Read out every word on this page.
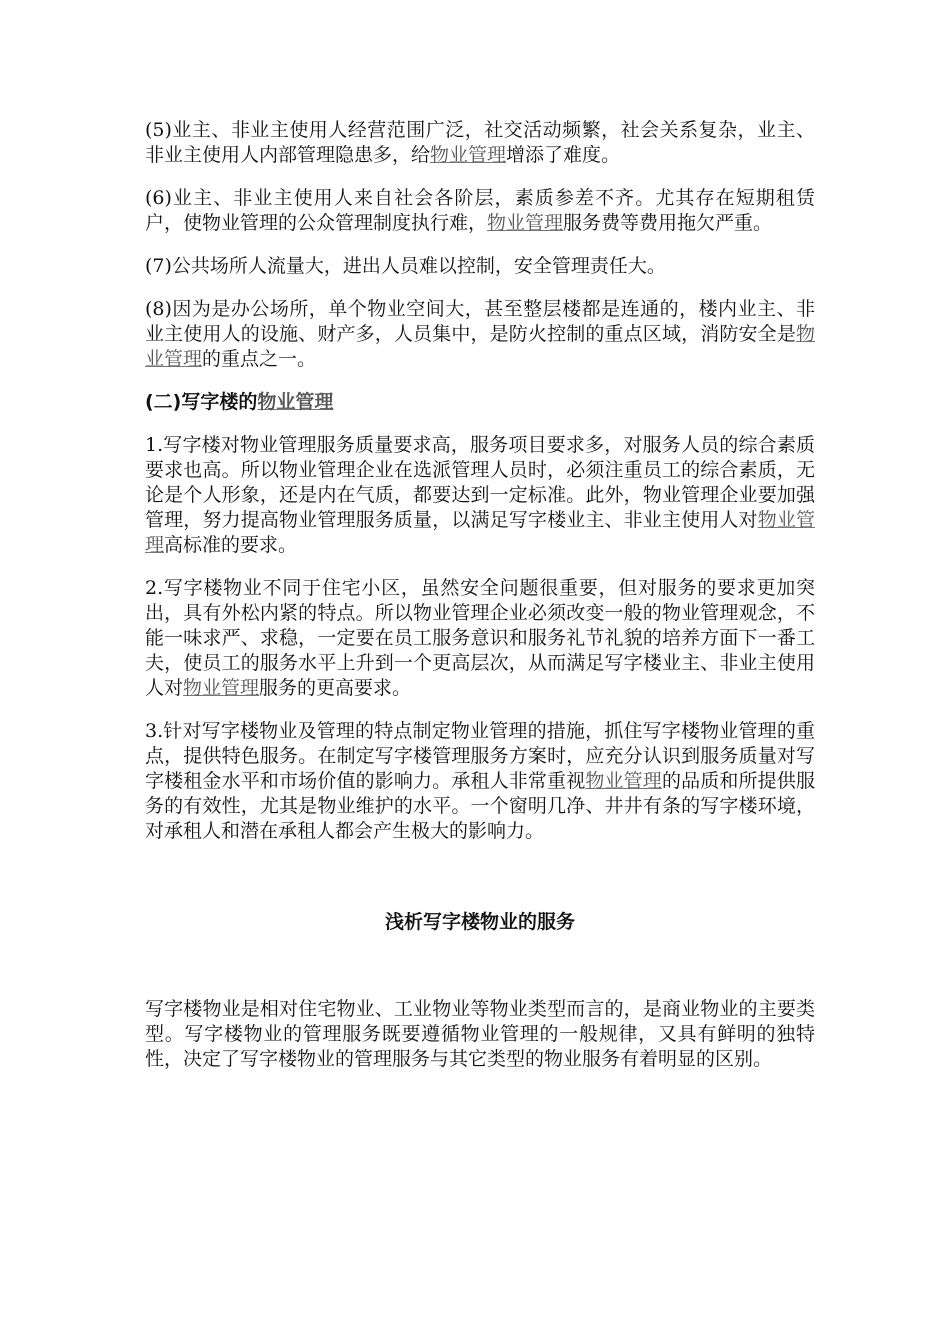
(5)业主、非业主使用人经营范围广泛，社交活动频繁，社会关系复杂，业主、非业主使用人内部管理隐患多，给物业管理增添了难度。

(6)业主、非业主使用人来自社会各阶层，素质参差不齐。尤其存在短期租赁户，使物业管理的公众管理制度执行难，物业管理服务费等费用拖欠严重。

(7)公共场所人流量大，进出人员难以控制，安全管理责任大。

(8)因为是办公场所，单个物业空间大，甚至整层楼都是连通的，楼内业主、非业主使用人的设施、财产多，人员集中，是防火控制的重点区域，消防安全是物业管理的重点之一。

(二)写字楼的物业管理

1.写字楼对物业管理服务质量要求高，服务项目要求多，对服务人员的综合素质要求也高。所以物业管理企业在选派管理人员时，必须注重员工的综合素质，无论是个人形象，还是内在气质，都要达到一定标准。此外，物业管理企业要加强管理，努力提高物业管理服务质量，以满足写字楼业主、非业主使用人对物业管理高标准的要求。

2.写字楼物业不同于住宅小区，虽然安全问题很重要，但对服务的要求更加突出，具有外松内紧的特点。所以物业管理企业必须改变一般的物业管理观念，不能一味求严、求稳，一定要在员工服务意识和服务礼节礼貌的培养方面下一番工夫，使员工的服务水平上升到一个更高层次，从而满足写字楼业主、非业主使用人对物业管理服务的更高要求。

3.针对写字楼物业及管理的特点制定物业管理的措施，抓住写字楼物业管理的重点，提供特色服务。在制定写字楼管理服务方案时，应充分认识到服务质量对写字楼租金水平和市场价值的影响力。承租人非常重视物业管理的品质和所提供服务的有效性，尤其是物业维护的水平。一个窗明几净、井井有条的写字楼环境，对承租人和潜在承租人都会产生极大的影响力。

浅析写字楼物业的服务

写字楼物业是相对住宅物业、工业物业等物业类型而言的，是商业物业的主要类型。写字楼物业的管理服务既要遵循物业管理的一般规律，又具有鲜明的独特性，决定了写字楼物业的管理服务与其它类型的物业服务有着明显的区别。
